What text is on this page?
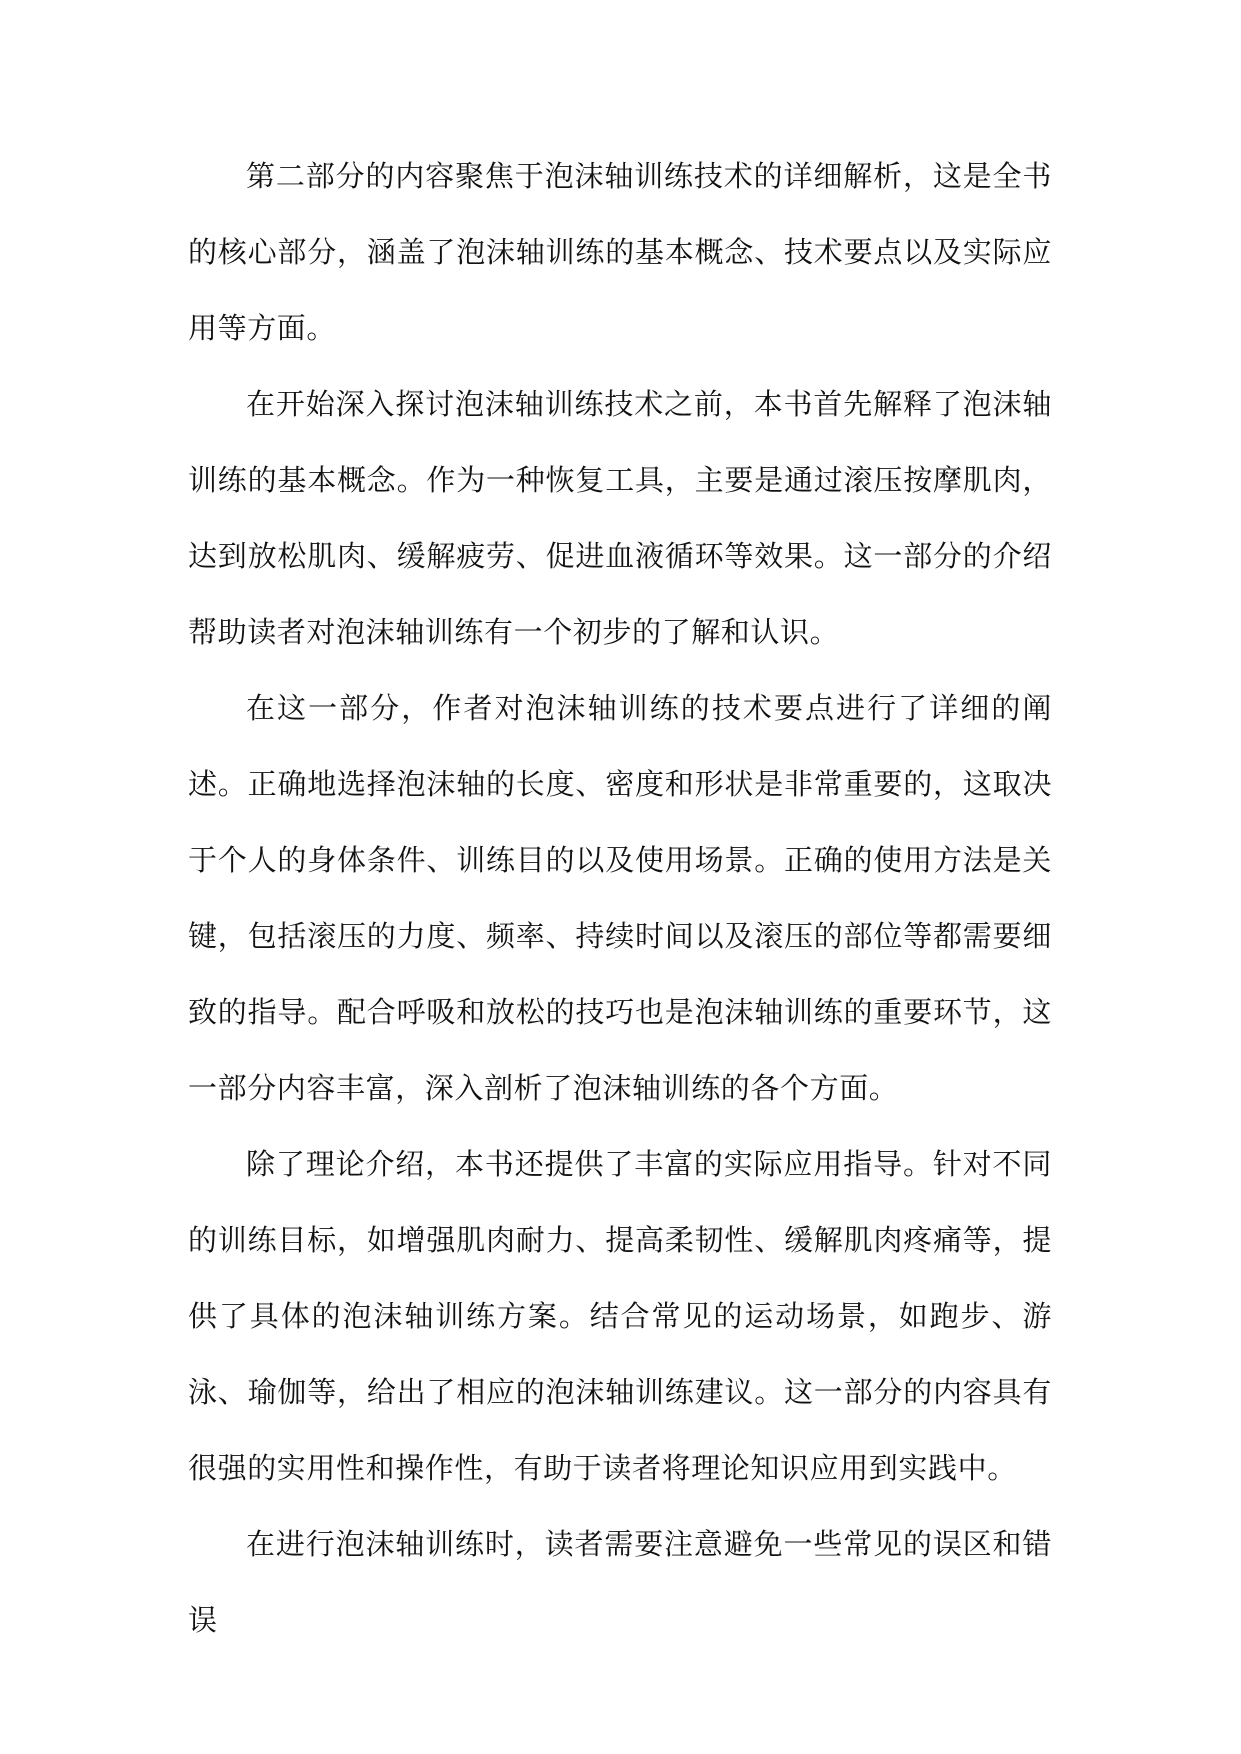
第二部分的内容聚焦于泡沫轴训练技术的详细解析，这是全书的核心部分，涵盖了泡沫轴训练的基本概念、技术要点以及实际应用等方面。

在开始深入探讨泡沫轴训练技术之前，本书首先解释了泡沫轴训练的基本概念。作为一种恢复工具，主要是通过滚压按摩肌肉，达到放松肌肉、缓解疲劳、促进血液循环等效果。这一部分的介绍帮助读者对泡沫轴训练有一个初步的了解和认识。

在这一部分，作者对泡沫轴训练的技术要点进行了详细的阐述。正确地选择泡沫轴的长度、密度和形状是非常重要的，这取决于个人的身体条件、训练目的以及使用场景。正确的使用方法是关键，包括滚压的力度、频率、持续时间以及滚压的部位等都需要细致的指导。配合呼吸和放松的技巧也是泡沫轴训练的重要环节，这一部分内容丰富，深入剖析了泡沫轴训练的各个方面。

除了理论介绍，本书还提供了丰富的实际应用指导。针对不同的训练目标，如增强肌肉耐力、提高柔韧性、缓解肌肉疼痛等，提供了具体的泡沫轴训练方案。结合常见的运动场景，如跑步、游泳、瑜伽等，给出了相应的泡沫轴训练建议。这一部分的内容具有很强的实用性和操作性，有助于读者将理论知识应用到实践中。

在进行泡沫轴训练时，读者需要注意避免一些常见的误区和错误
